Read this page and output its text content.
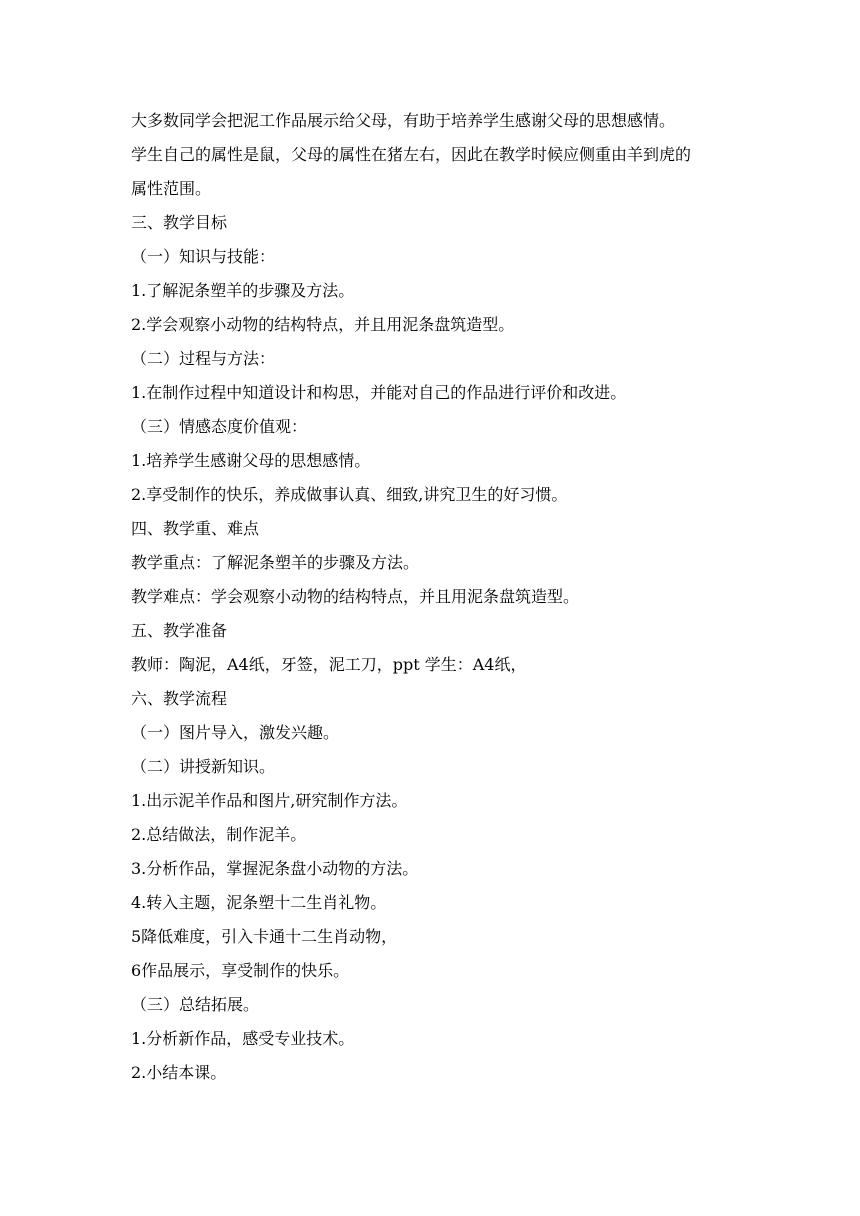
大多数同学会把泥工作品展示给父母，有助于培养学生感谢父母的思想感情。
学生自己的属性是鼠，父母的属性在猪左右，因此在教学时候应侧重由羊到虎的
属性范围。
三、教学目标
（一）知识与技能：
1.了解泥条塑羊的步骤及方法。
2.学会观察小动物的结构特点，并且用泥条盘筑造型。
（二）过程与方法：
1.在制作过程中知道设计和构思，并能对自己的作品进行评价和改进。
（三）情感态度价值观：
1.培养学生感谢父母的思想感情。
2.享受制作的快乐，养成做事认真、细致,讲究卫生的好习惯。
四、教学重、难点
教学重点：了解泥条塑羊的步骤及方法。
教学难点：学会观察小动物的结构特点，并且用泥条盘筑造型。
五、教学准备
教师：陶泥，A4纸，牙签，泥工刀，ppt 学生：A4纸，
六、教学流程
（一）图片导入，激发兴趣。
（二）讲授新知识。
1.出示泥羊作品和图片,研究制作方法。
2.总结做法，制作泥羊。
3.分析作品，掌握泥条盘小动物的方法。
4.转入主题，泥条塑十二生肖礼物。
5降低难度，引入卡通十二生肖动物，
6作品展示，享受制作的快乐。
（三）总结拓展。
1.分析新作品，感受专业技术。
2.小结本课。
